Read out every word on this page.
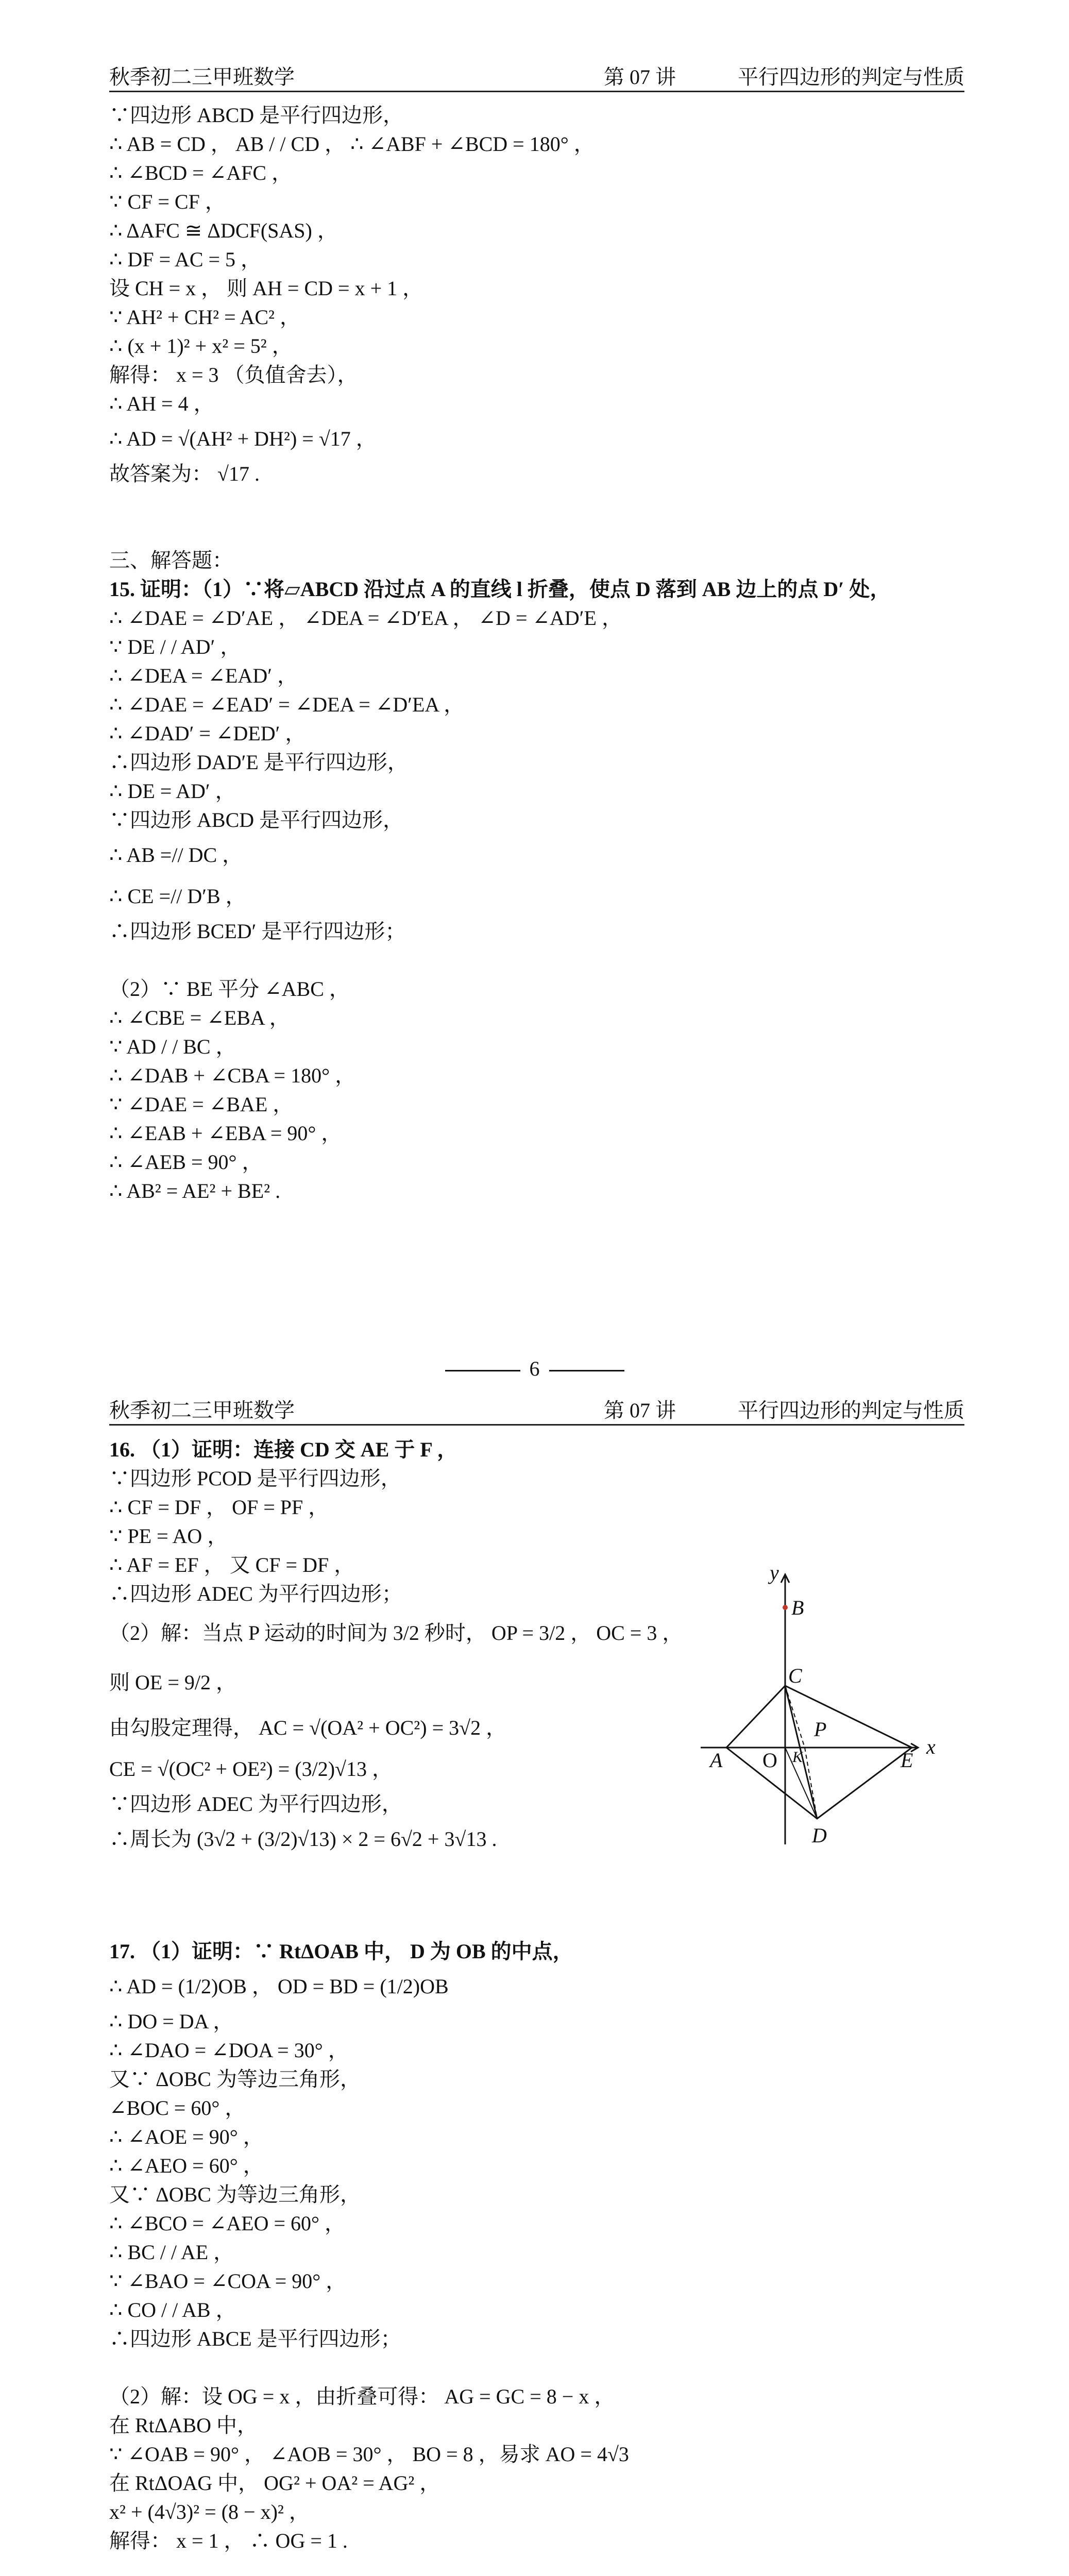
秋季初二三甲班数学	第 07 讲	平行四边形的判定与性质
∵四边形 ABCD 是平行四边形，
∴ AB = CD ， AB / / CD ， ∴ ∠ABF + ∠BCD = 180° ，
∴ ∠BCD = ∠AFC ，
∵ CF = CF ，
∴ ΔAFC ≅ ΔDCF(SAS) ，
∴ DF = AC = 5 ，
设 CH = x ， 则 AH = CD = x + 1 ，
∵ AH² + CH² = AC² ，
∴ (x + 1)² + x² = 5² ，
解得： x = 3 （负值舍去），
∴ AH = 4 ，
∴ AD = √(AH² + DH²) = √17 ，
故答案为： √17 .
三、解答题：
15. 证明：（1）∵将▱ABCD 沿过点 A 的直线 l 折叠，使点 D 落到 AB 边上的点 D′ 处，
∴ ∠DAE = ∠D′AE ， ∠DEA = ∠D′EA ， ∠D = ∠AD′E ，
∵ DE / / AD′ ，
∴ ∠DEA = ∠EAD′ ，
∴ ∠DAE = ∠EAD′ = ∠DEA = ∠D′EA ，
∴ ∠DAD′ = ∠DED′ ，
∴四边形 DAD′E 是平行四边形，
∴ DE = AD′ ，
∵四边形 ABCD 是平行四边形，
∴ AB =// DC ，
∴ CE =// D′B ，
∴四边形 BCED′ 是平行四边形；
（2）∵ BE 平分 ∠ABC ，
∴ ∠CBE = ∠EBA ，
∵ AD / / BC ，
∴ ∠DAB + ∠CBA = 180° ，
∵ ∠DAE = ∠BAE ，
∴ ∠EAB + ∠EBA = 90° ，
∴ ∠AEB = 90° ，
∴ AB² = AE² + BE² .
6
秋季初二三甲班数学	第 07 讲	平行四边形的判定与性质
16. （1）证明：连接 CD 交 AE 于 F ，
∵四边形 PCOD 是平行四边形，
∴ CF = DF ， OF = PF ，
∵ PE = AO ，
∴ AF = EF ， 又 CF = DF ，
∴四边形 ADEC 为平行四边形；
（2）解：当点 P 运动的时间为 3/2 秒时， OP = 3/2 ， OC = 3 ，
则 OE = 9/2 ，
由勾股定理得， AC = √(OA² + OC²) = 3√2 ，
CE = √(OC² + OE²) = (3/2)√13 ，
∵四边形 ADEC 为平行四边形，
∴周长为 (3√2 + (3/2)√13) × 2 = 6√2 + 3√13 .
17. （1）证明：∵ RtΔOAB 中， D 为 OB 的中点，
∴ AD = (1/2)OB ， OD = BD = (1/2)OB
∴ DO = DA ，
∴ ∠DAO = ∠DOA = 30° ，
又∵ ΔOBC 为等边三角形，
∠BOC = 60° ，
∴ ∠AOE = 90° ，
∴ ∠AEO = 60° ，
又∵ ΔOBC 为等边三角形，
∴ ∠BCO = ∠AEO = 60° ，
∴ BC / / AE ，
∵ ∠BAO = ∠COA = 90° ，
∴ CO / / AB ，
∴四边形 ABCE 是平行四边形；
（2）解：设 OG = x ，由折叠可得： AG = GC = 8 − x ，
在 RtΔABO 中，
∵ ∠OAB = 90° ， ∠AOB = 30° ， BO = 8 ，易求 AO = 4√3
在 RtΔOAG 中， OG² + OA² = AG² ，
x² + (4√3)² = (8 − x)² ，
解得： x = 1 ， ∴ OG = 1 .
y
x
B
C
A O K
P
E
D
